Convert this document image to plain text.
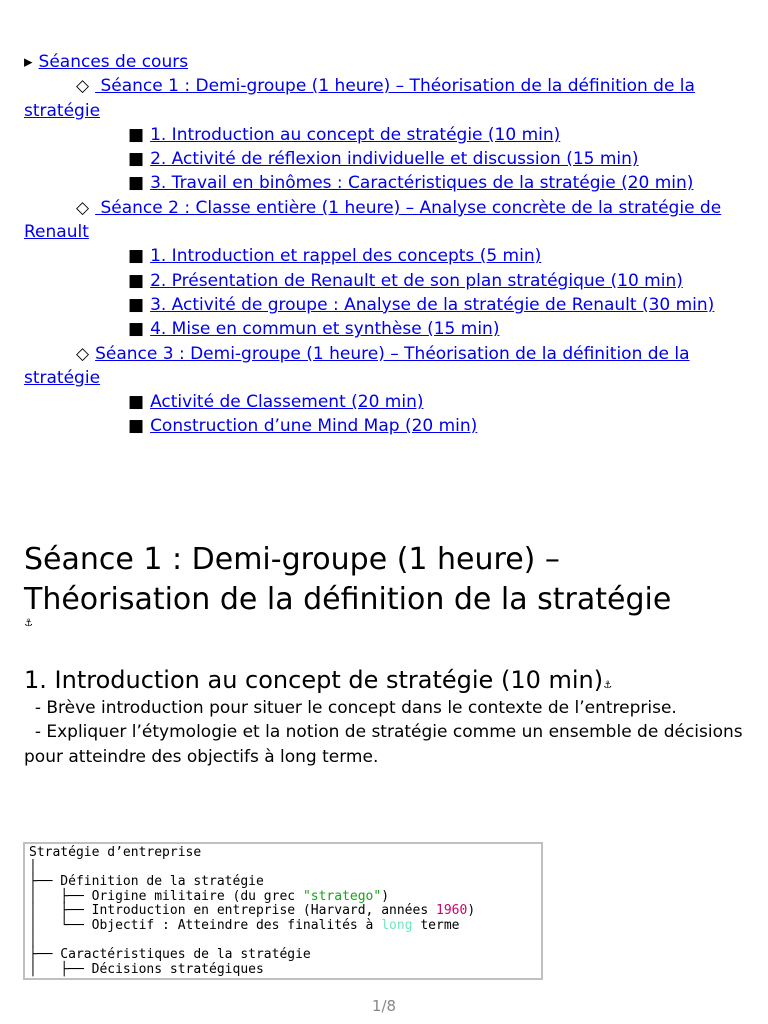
▸ Séances de cours
◇ Séance 1 : Demi-groupe (1 heure) – Théorisation de la définition de la stratégie
■ 1. Introduction au concept de stratégie (10 min)
■ 2. Activité de réflexion individuelle et discussion (15 min)
■ 3. Travail en binômes : Caractéristiques de la stratégie (20 min)
◇ Séance 2 : Classe entière (1 heure) – Analyse concrète de la stratégie de Renault
■ 1. Introduction et rappel des concepts (5 min)
■ 2. Présentation de Renault et de son plan stratégique (10 min)
■ 3. Activité de groupe : Analyse de la stratégie de Renault (30 min)
■ 4. Mise en commun et synthèse (15 min)
◇ Séance 3 : Demi-groupe (1 heure) – Théorisation de la définition de la stratégie
■ Activité de Classement (20 min)
■ Construction d’une Mind Map (20 min)
Séance 1 : Demi-groupe (1 heure) – Théorisation de la définition de la stratégie
⚓
1. Introduction au concept de stratégie (10 min)⚓

- Brève introduction pour situer le concept dans le contexte de l’entreprise.

- Expliquer l’étymologie et la notion de stratégie comme un ensemble de décisions pour atteindre des objectifs à long terme.

Stratégie d’entreprise
│
├── Définition de la stratégie
│   ├── Origine militaire (du grec "stratego")
│   ├── Introduction en entreprise (Harvard, années 1960)
│   └── Objectif : Atteindre des finalités à long terme
│
├── Caractéristiques de la stratégie
│   ├── Décisions stratégiques
1/8
